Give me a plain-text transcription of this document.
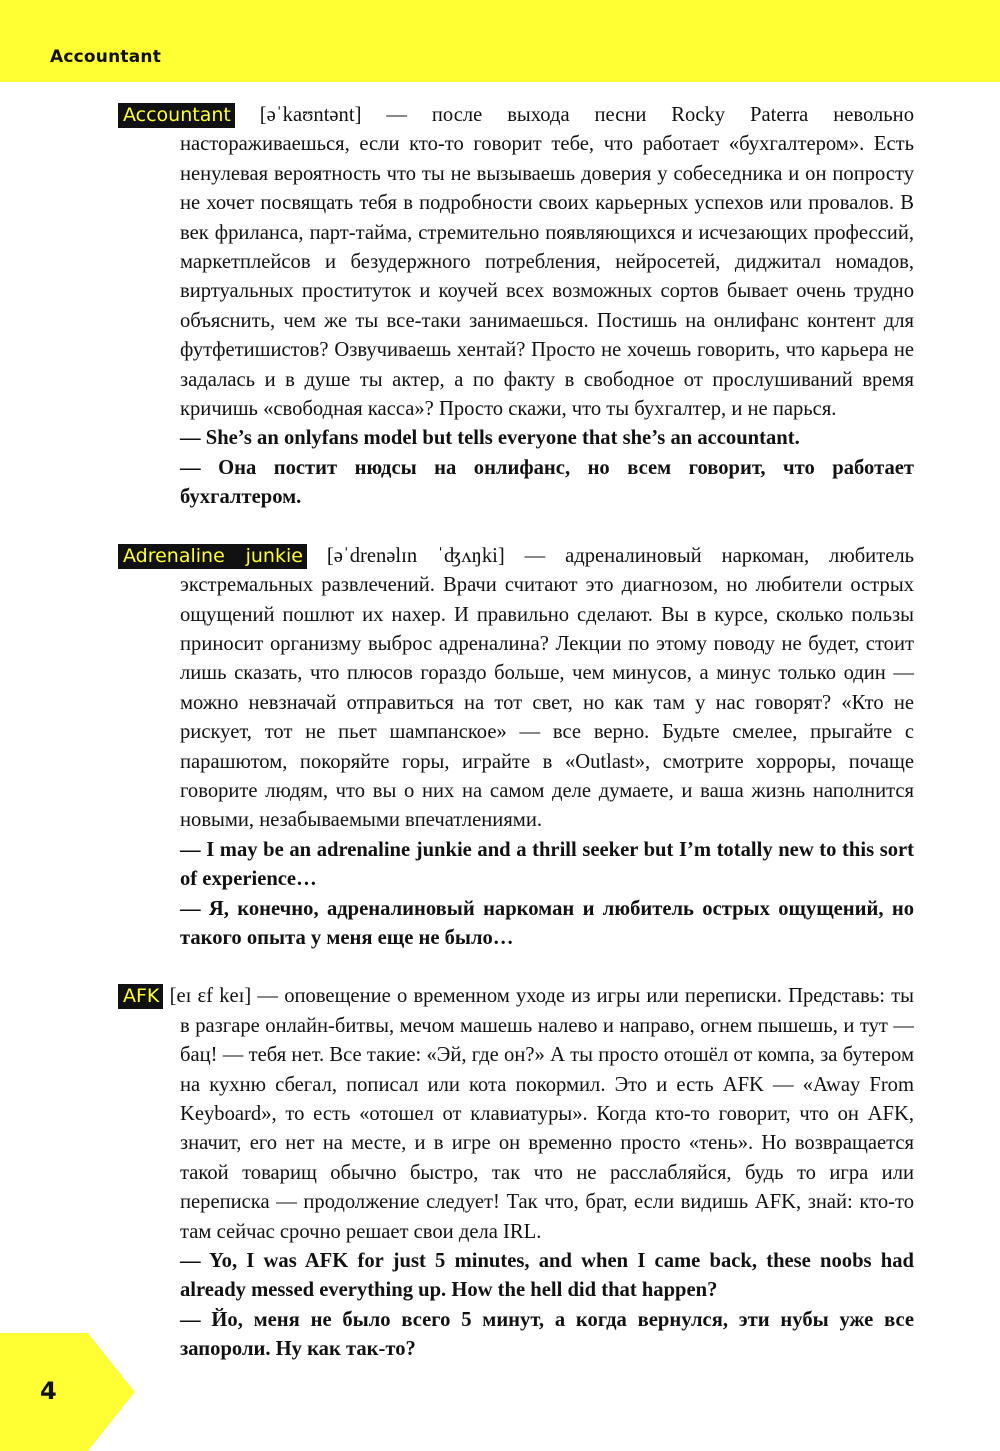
Accountant
Accountant [əˈkaʊntənt] — после выхода песни Rocky Paterra невольно насторaживаешься, если кто-то говорит тебе, что работает «бухгалтером». Есть ненулевая вероятность что ты не вызываешь доверия у собеседника и он попросту не хочет посвящать тебя в подробности своих карьерных успехов или провалов. В век фриланса, парт-тайма, стремительно появляющихся и исчезающих профессий, маркетплейсов и безудержного потребления, нейросетей, диджитал номадов, виртуальных проституток и коучей всех возможных сортов бывает очень трудно объяснить, чем же ты все-таки занимаешься. Постишь на онлифанс контент для футфетишистов? Озвучиваешь хентай? Просто не хочешь говорить, что карьера не задалась и в душе ты актер, а по факту в свободное от прослушиваний время кричишь «свободная касса»? Просто скажи, что ты бухгалтер, и не парься.
— She’s an onlyfans model but tells everyone that she’s an accountant.
— Она постит нюдсы на онлифанс, но всем говорит, что работает бухгалтером.
Adrenaline junkie [əˈdrenəlɪn ˈʤʌŋki] — адреналиновый наркоман, любитель экстремальных развлечений. Врачи считают это диагнозом, но любители острых ощущений пошлют их нахер. И правильно сделают. Вы в курсе, сколько пользы приносит организму выброс адреналина? Лекции по этому поводу не будет, стоит лишь сказать, что плюсов гораздо больше, чем минусов, а минус только один — можно невзначай отправиться на тот свет, но как там у нас говорят? «Кто не рискует, тот не пьет шампанское» — все верно. Будьте смелее, прыгайте с парашютом, покоряйте горы, играйте в «Outlast», смотрите хорроры, почаще говорите людям, что вы о них на самом деле думаете, и ваша жизнь наполнится новыми, незабываемыми впечатлениями.
— I may be an adrenaline junkie and a thrill seeker but I’m totally new to this sort of experience…
— Я, конечно, адреналиновый наркоман и любитель острых ощущений, но такого опыта у меня еще не было…
AFK [eɪ ɛf keɪ] — оповещение о временном уходе из игры или переписки. Представь: ты в разгаре онлайн-битвы, мечом машешь налево и направо, огнем пышешь, и тут — бац! — тебя нет. Все такие: «Эй, где он?» А ты просто отошёл от компа, за бутером на кухню сбегал, пописал или кота покормил. Это и есть AFK — «Away From Keyboard», то есть «отошел от клавиатуры». Когда кто-то говорит, что он AFK, значит, его нет на месте, и в игре он временно просто «тень». Но возвращается такой товарищ обычно быстро, так что не расслабляйся, будь то игра или переписка — продолжение следует! Так что, брат, если видишь AFK, знай: кто-то там сейчас срочно решает свои дела IRL.
— Yo, I was AFK for just 5 minutes, and when I came back, these noobs had already messed everything up. How the hell did that happen?
— Йо, меня не было всего 5 минут, а когда вернулся, эти нубы уже все запороли. Ну как так-то?
4
